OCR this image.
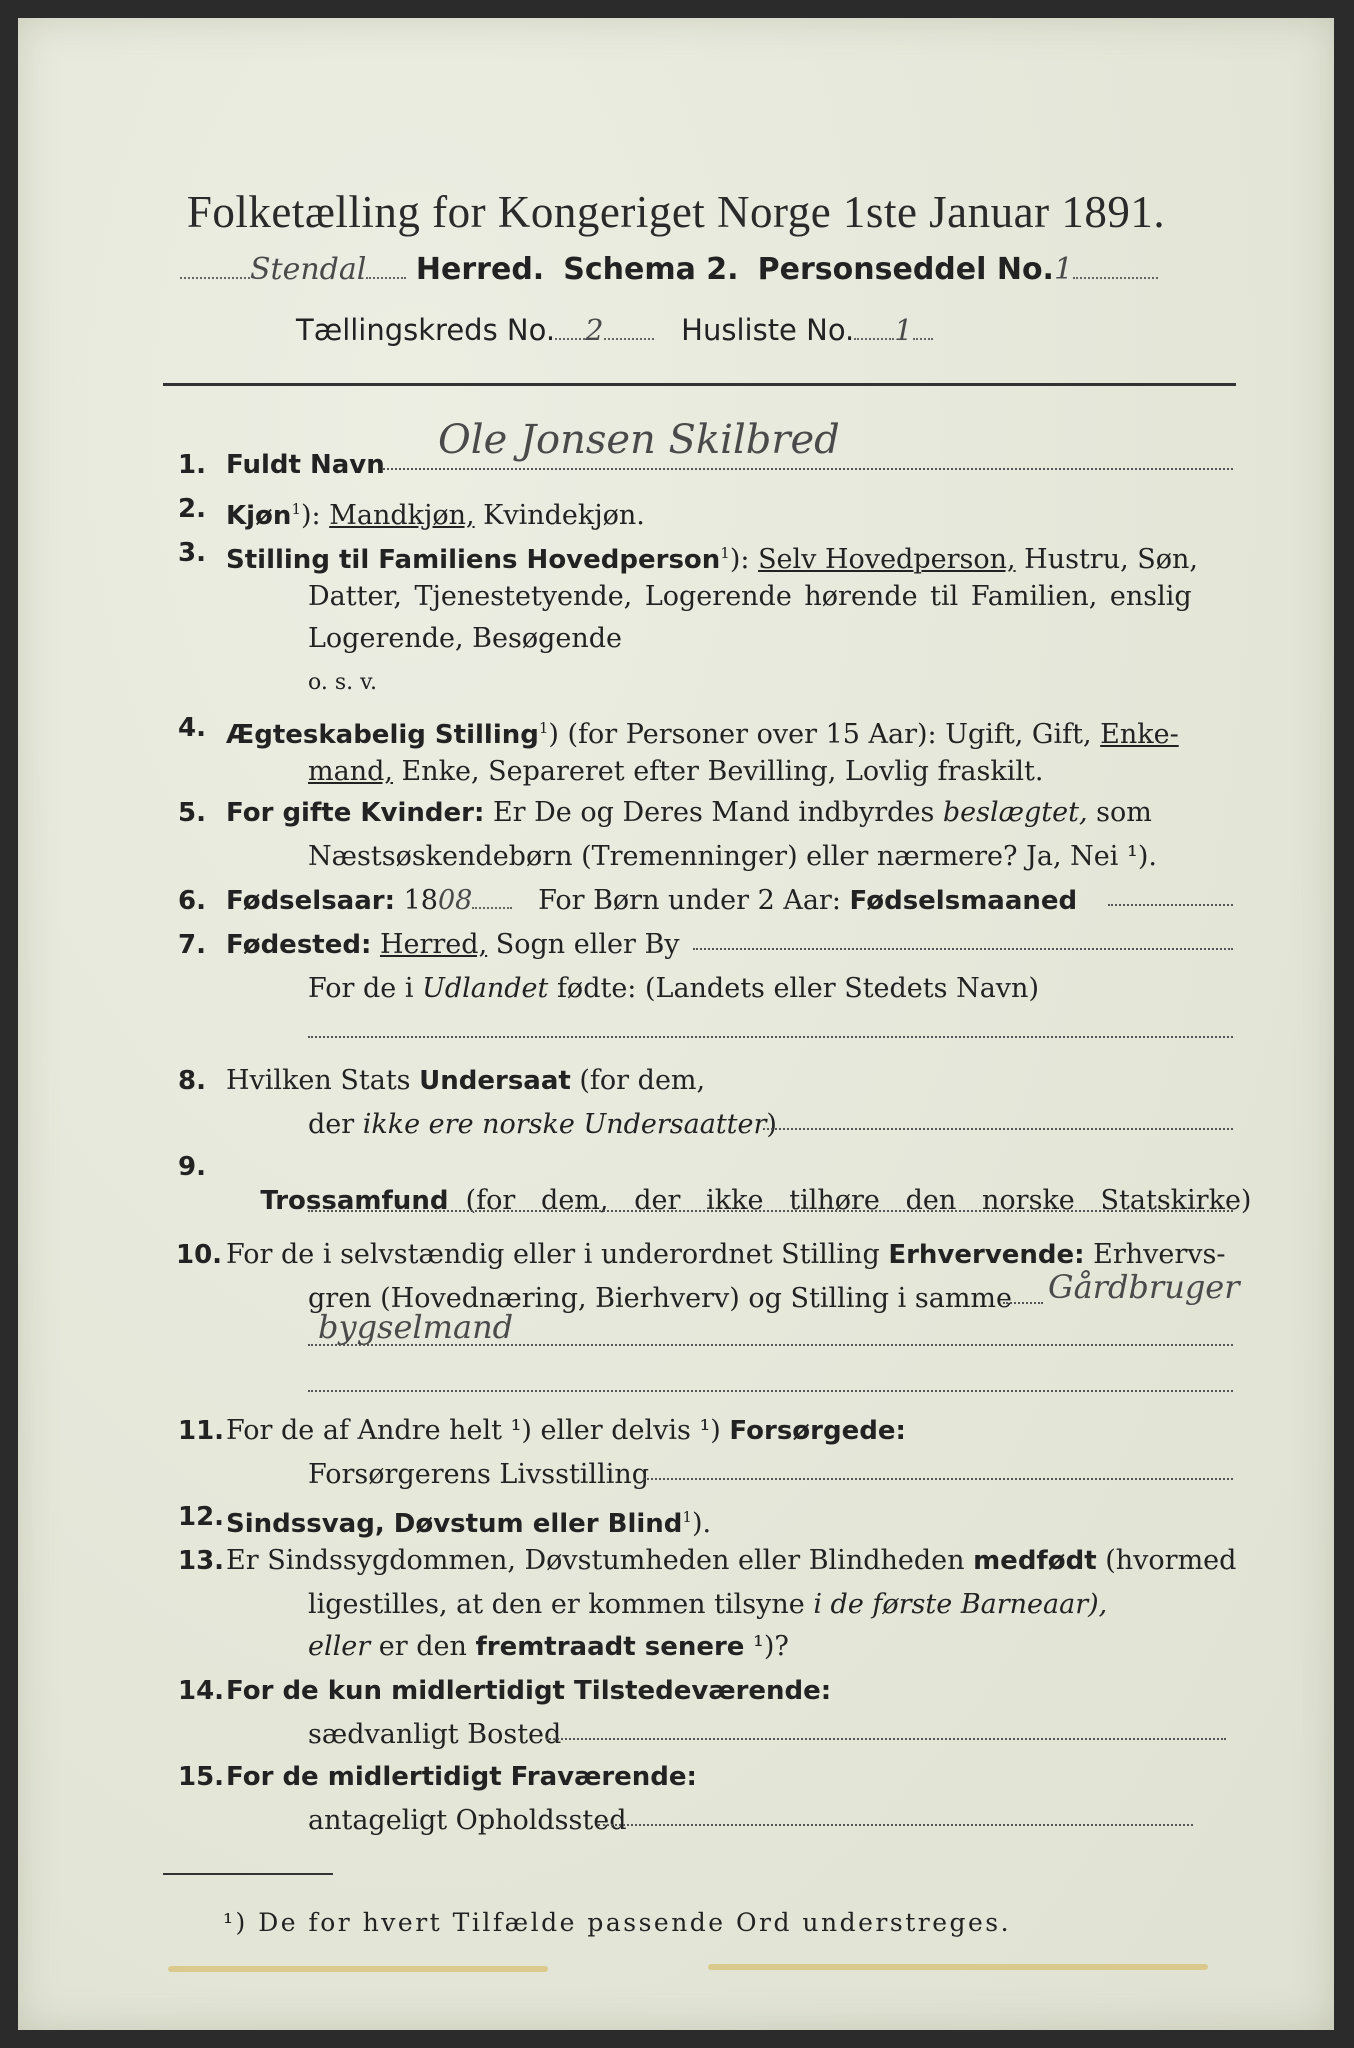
Folketælling for Kongeriget Norge 1ste Januar 1891.
Stendal Herred. Schema 2. Personseddel No.1
Tællingskreds No. 2	Husliste No. 1
1. Fuldt Navn
Ole Jonsen Skilbred
2. Kjøn$^1$): Mandkjøn, Kvindekjøn.
3. Stilling til Familiens Hovedperson$^1$): Selv Hovedperson, Hustru, Søn,
Datter, Tjenestetyende, Logerende hørende til Familien, enslig
Logerende, Besøgende
o. s. v.
4. Ægteskabelig Stilling$^1$) (for Personer over 15 Aar): Ugift, Gift, Enke-
mand, Enke, Separeret efter Bevilling, Lovlig fraskilt.
5. For gifte Kvinder: Er De og Deres Mand indbyrdes beslægtet, som
Næstsøskendebørn (Tremenninger) eller nærmere? Ja, Nei ¹).
6. Fødselsaar: 1808 For Børn under 2 Aar: Fødselsmaaned
7. Fødested: Herred, Sogn eller By
For de i Udlandet fødte: (Landets eller Stedets Navn)
8. Hvilken Stats Undersaat (for dem,
der ikke ere norske Undersaatter)
9.

Trossamfund  (for   dem,   der   ikke   tilhøre   den   norske   Statskirke)

10. For de i selvstændig eller i underordnet Stilling Erhvervende: Erhvervs-
gren (Hovednæring, Bierhverv) og Stilling i samme Gårdbruger
bygselmand
11. For de af Andre helt ¹) eller delvis ¹) Forsørgede:
Forsørgerens Livsstilling
12. Sindssvag, Døvstum eller Blind$^1$).
13. Er Sindssygdommen, Døvstumheden eller Blindheden medfødt (hvormed
ligestilles, at den er kommen tilsyne i de første Barneaar),
eller er den fremtraadt senere ¹)?
14. For de kun midlertidigt Tilstedeværende:
sædvanligt Bosted
15. For de midlertidigt Fraværende:
antageligt Opholdssted
¹) De for hvert Tilfælde passende Ord understreges.
